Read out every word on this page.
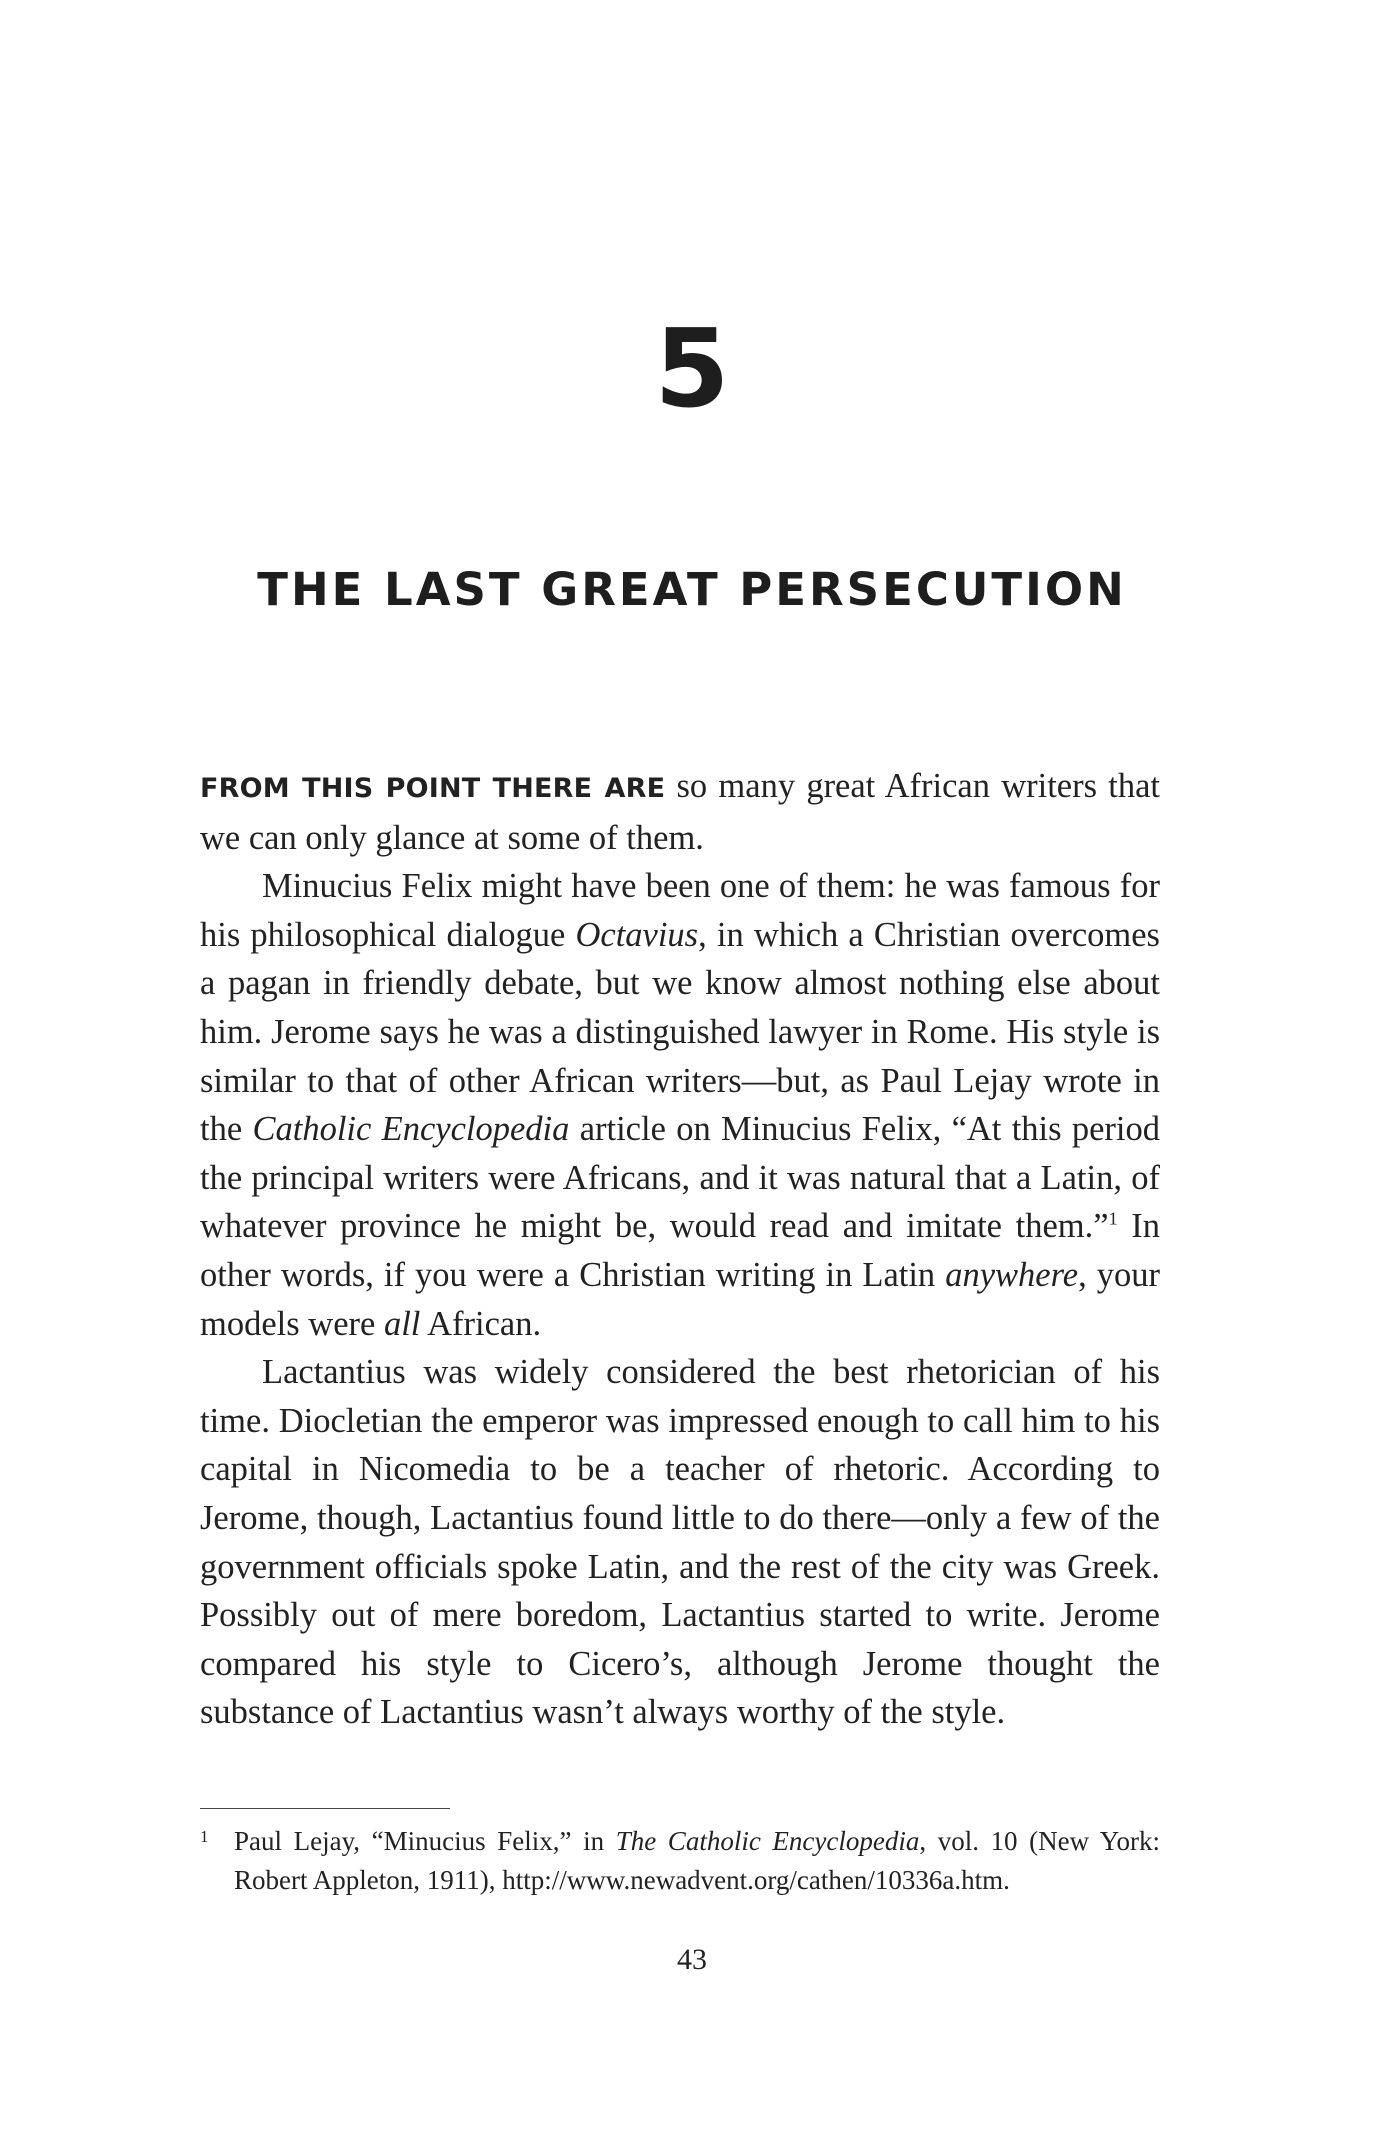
5
THE LAST GREAT PERSECUTION

FROM THIS POINT THERE ARE so many great African writers that we can only glance at some of them.

Minucius Felix might have been one of them: he was famous for his philosophical dialogue Octavius, in which a Christian overcomes a pagan in friendly debate, but we know almost nothing else about him. Jerome says he was a distinguished lawyer in Rome. His style is similar to that of other African writers—but, as Paul Lejay wrote in the Catholic Encyclopedia article on Minucius Felix, “At this period the principal writers were Africans, and it was natural that a Latin, of whatever province he might be, would read and imitate them.”$^1$ In other words, if you were a Christian writing in Latin anywhere, your models were all African.

Lactantius was widely considered the best rhetorician of his time. Diocletian the emperor was impressed enough to call him to his capital in Nicomedia to be a teacher of rhetoric. According to Jerome, though, Lactantius found little to do there—only a few of the government officials spoke Latin, and the rest of the city was Greek. Possibly out of mere boredom, Lactantius started to write. Jerome compared his style to Cicero’s, although Jerome thought the substance of Lactantius wasn’t always worthy of the style.

1 Paul Lejay, “Minucius Felix,” in The Catholic Encyclopedia, vol. 10 (New York: Robert Appleton, 1911), http://www.newadvent.org/cathen/10336a.htm.
43
